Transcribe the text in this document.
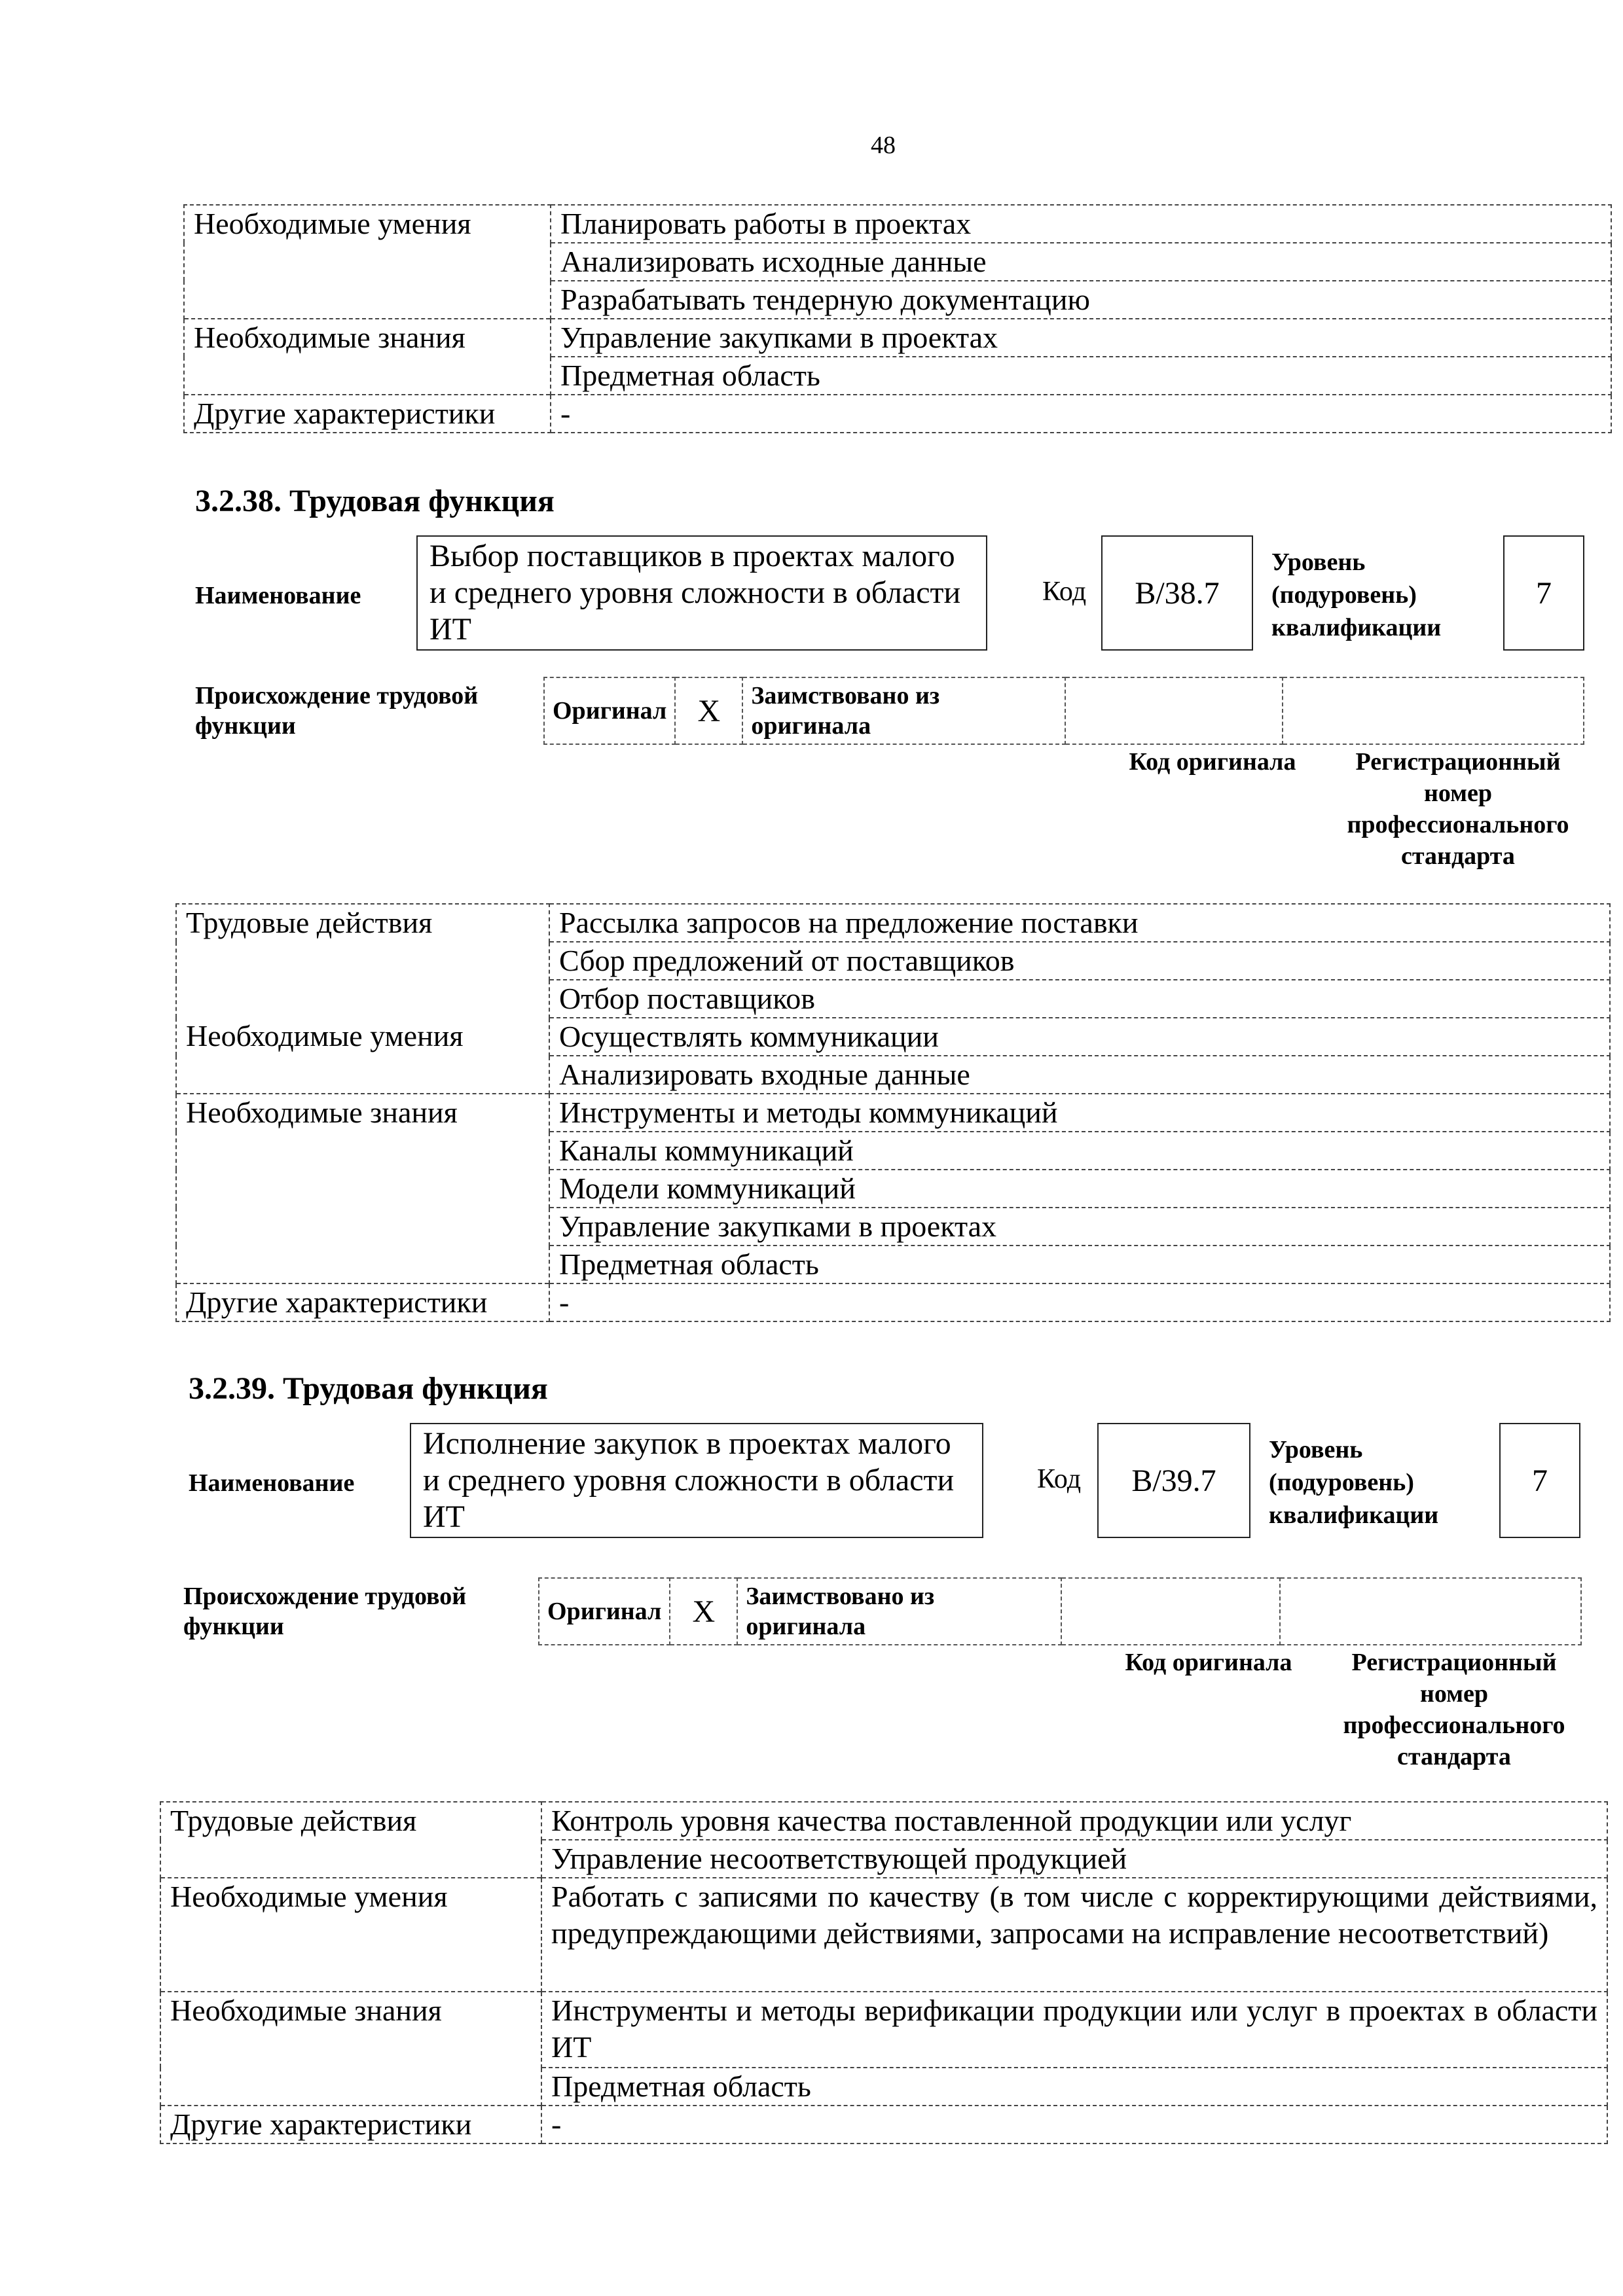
48
Необходимые умения	Планировать работы в проектах
	Анализировать исходные данные
	Разрабатывать тендерную документацию
Необходимые знания	Управление закупками в проектах
	Предметная область
Другие характеристики	-
3.2.38. Трудовая функция
Наименование
Выбор поставщиков в проектах малого и среднего уровня сложности в области ИТ
Код B/38.7
Уровень
(подуровень)
квалификации
7
Происхождение трудовой
функции
Оригинал	X	Заимствовано из
оригинала

Код оригинала	Регистрационный
номер
профессионального
стандарта
Трудовые действия	Рассылка запросов на предложение поставки
	Сбор предложений от поставщиков
	Отбор поставщиков
Необходимые умения	Осуществлять коммуникации
	Анализировать входные данные
Необходимые знания	Инструменты и методы коммуникаций
	Каналы коммуникаций
	Модели коммуникаций
	Управление закупками в проектах
	Предметная область
Другие характеристики	-
3.2.39. Трудовая функция
Наименование
Исполнение закупок в проектах малого и среднего уровня сложности в области ИТ
Код B/39.7
Уровень
(подуровень)
квалификации
7
Происхождение трудовой
функции
Оригинал	X	Заимствовано из
оригинала

Код оригинала	Регистрационный
номер
профессионального
стандарта
Трудовые действия	Контроль уровня качества поставленной продукции или услуг
	Управление несоответствующей продукцией
Необходимые умения	Работать с записями по качеству (в том числе с корректирующими действиями, предупреждающими действиями, запросами на исправление несоответствий)
Необходимые знания	Инструменты и методы верификации продукции или услуг в проектах в области ИТ
	Предметная область
Другие характеристики	-
